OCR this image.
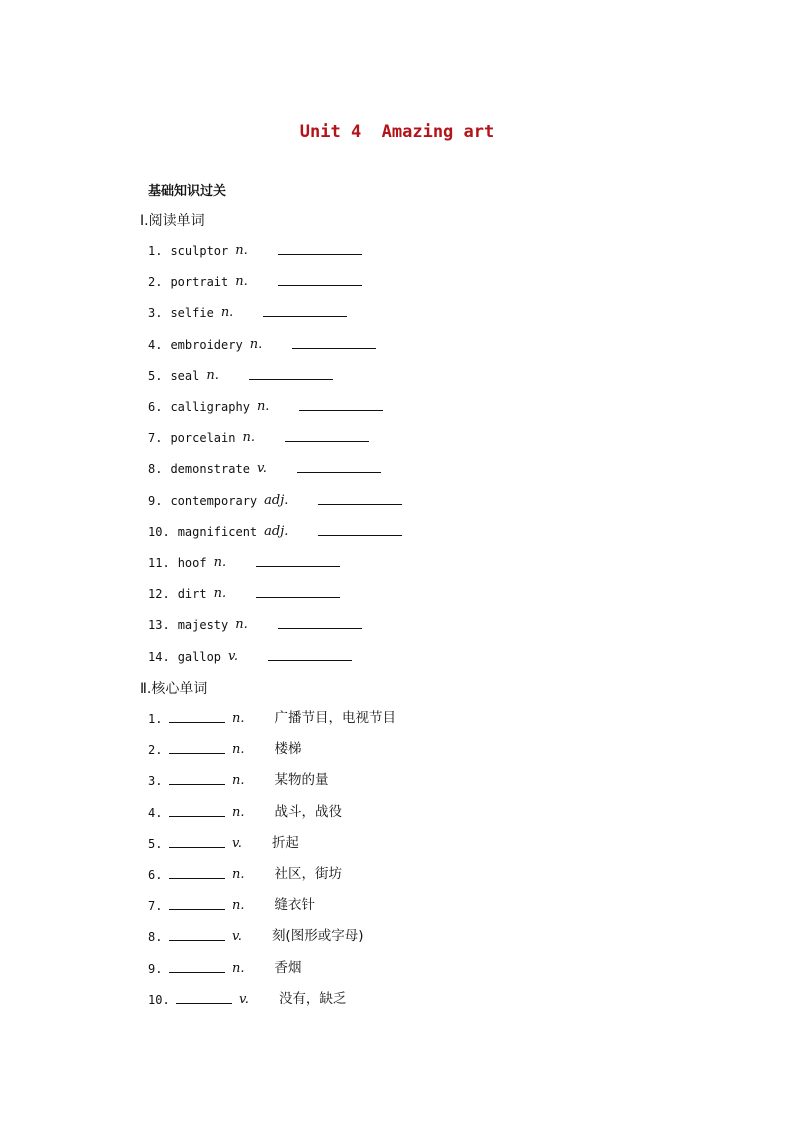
Unit 4  Amazing art
基础知识过关
Ⅰ.阅读单词
1. sculptor n.
2. portrait n.
3. selfie n.
4. embroidery n.
5. seal n.
6. calligraphy n.
7. porcelain n.
8. demonstrate v.
9. contemporary adj.
10. magnificent adj.
11. hoof n.
12. dirt n.
13. majesty n.
14. gallop v.
Ⅱ.核心单词
1.	n. 广播节目，电视节目
2.	n. 楼梯
3.	n. 某物的量
4.	n. 战斗，战役
5.	v. 折起
6.	n. 社区，街坊
7.	n. 缝衣针
8.	v. 刻(图形或字母)
9.	n. 香烟
10.	v. 没有，缺乏
